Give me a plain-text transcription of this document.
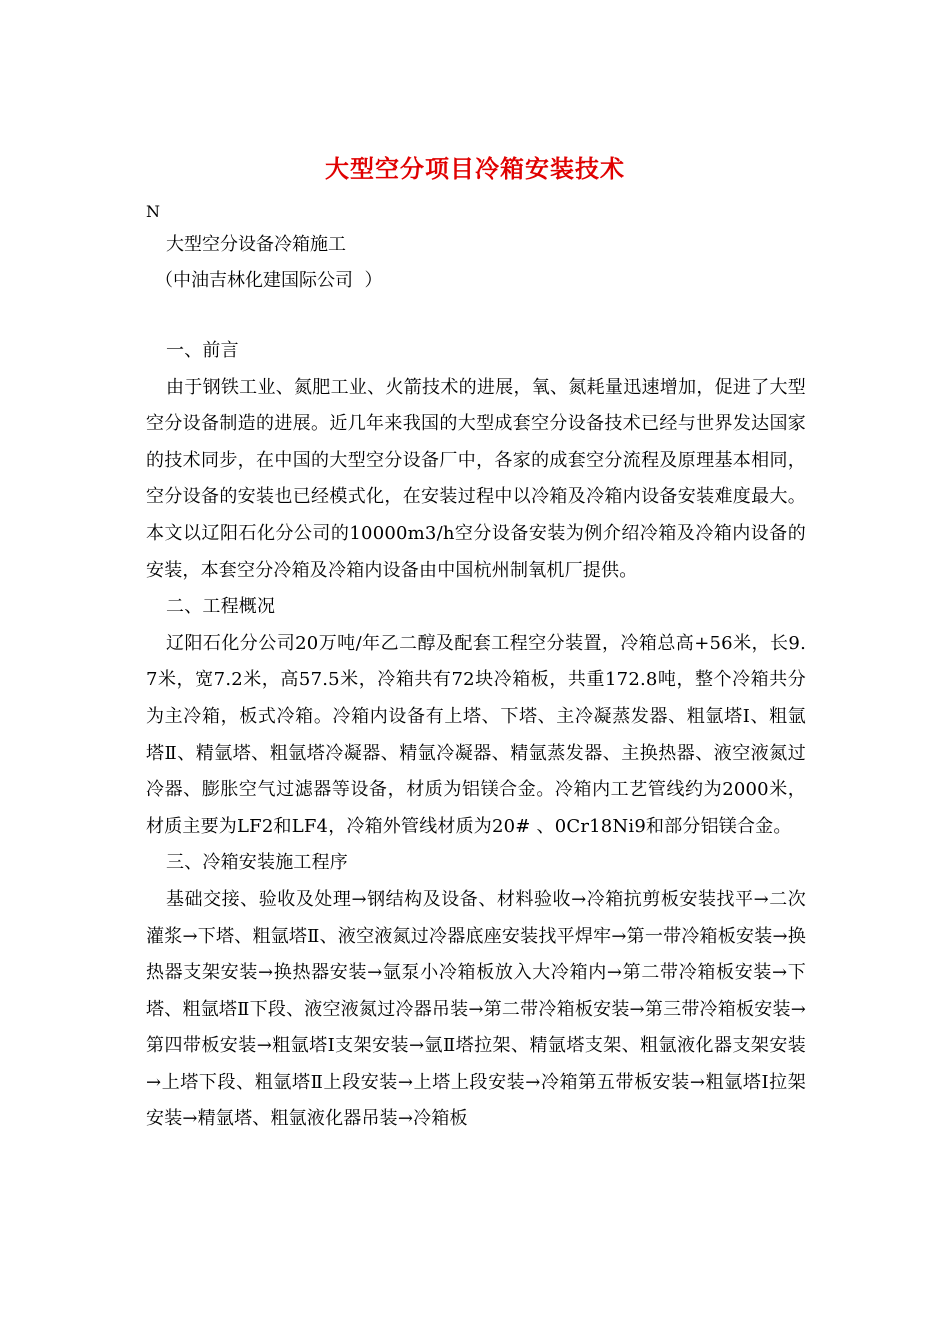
大型空分项目冷箱安装技术
N
大型空分设备冷箱施工
（中油吉林化建国际公司  ）

一、前言

由于钢铁工业、氮肥工业、火箭技术的进展，氧、氮耗量迅速增加，促进了大型空分设备制造的进展。近几年来我国的大型成套空分设备技术已经与世界发达国家的技术同步，在中国的大型空分设备厂中，各家的成套空分流程及原理基本相同，空分设备的安装也已经模式化，在安装过程中以冷箱及冷箱内设备安装难度最大。本文以辽阳石化分公司的10000m3/h空分设备安装为例介绍冷箱及冷箱内设备的安装，本套空分冷箱及冷箱内设备由中国杭州制氧机厂提供。

二、工程概况

辽阳石化分公司20万吨/年乙二醇及配套工程空分装置，冷箱总高+56米，长9.7米，宽7.2米，高57.5米，冷箱共有72块冷箱板，共重172.8吨，整个冷箱共分为主冷箱，板式冷箱。冷箱内设备有上塔、下塔、主冷凝蒸发器、粗氩塔Ⅰ、粗氩塔Ⅱ、精氩塔、粗氩塔冷凝器、精氩冷凝器、精氩蒸发器、主换热器、液空液氮过冷器、膨胀空气过滤器等设备，材质为铝镁合金。冷箱内工艺管线约为2000米，材质主要为LF2和LF4，冷箱外管线材质为20# 、0Cr18Ni9和部分铝镁合金。

三、冷箱安装施工程序

基础交接、验收及处理→钢结构及设备、材料验收→冷箱抗剪板安装找平→二次灌浆→下塔、粗氩塔Ⅱ、液空液氮过冷器底座安装找平焊牢→第一带冷箱板安装→换热器支架安装→换热器安装→氩泵小冷箱板放入大冷箱内→第二带冷箱板安装→下塔、粗氩塔Ⅱ下段、液空液氮过冷器吊装→第二带冷箱板安装→第三带冷箱板安装→第四带板安装→粗氩塔Ⅰ支架安装→氩Ⅱ塔拉架、精氩塔支架、粗氩液化器支架安装→上塔下段、粗氩塔Ⅱ上段安装→上塔上段安装→冷箱第五带板安装→粗氩塔Ⅰ拉架安装→精氩塔、粗氩液化器吊装→冷箱板
